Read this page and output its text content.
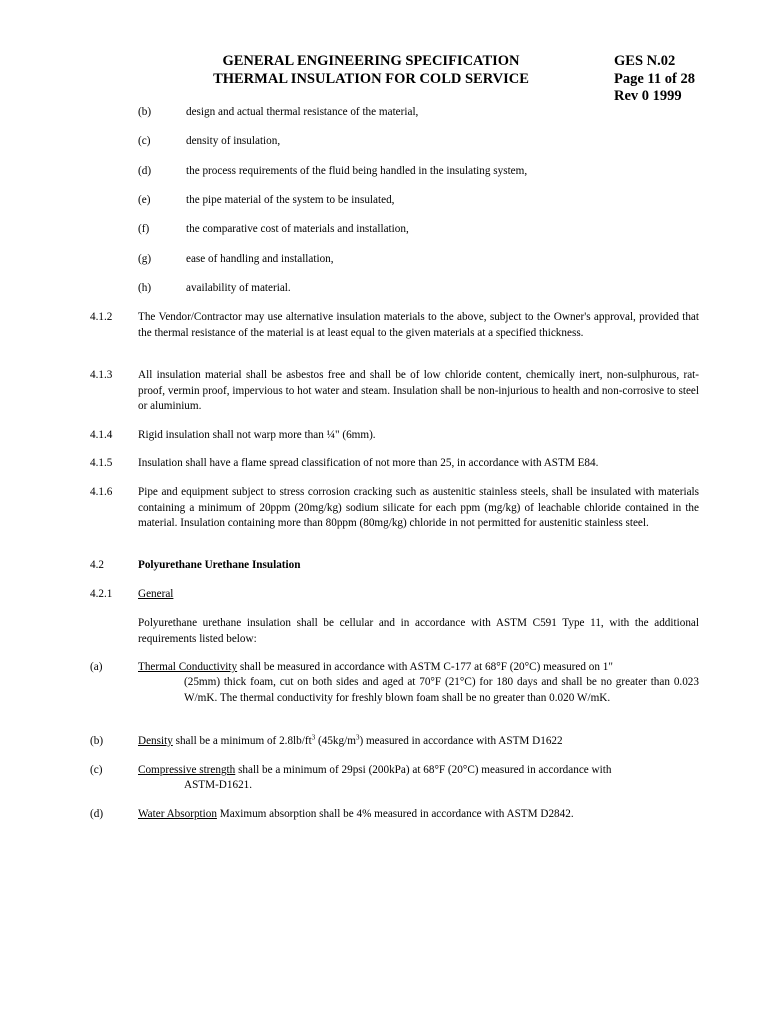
GENERAL ENGINEERING SPECIFICATION
THERMAL INSULATION FOR COLD SERVICE
GES N.02
Page 11 of 28
Rev 0 1999
(b)	design and actual thermal resistance of the material,
(c)	density of insulation,
(d)	the process requirements of the fluid being handled in the insulating system,
(e)	the pipe material of the system to be insulated,
(f)	the comparative cost of materials and installation,
(g)	ease of handling and installation,
(h)	availability of material.
4.1.2 The Vendor/Contractor may use alternative insulation materials to the above, subject to the Owner's approval, provided that the thermal resistance of the material is at least equal to the given materials at a specified thickness.
4.1.3 All insulation material shall be asbestos free and shall be of low chloride content, chemically inert, non-sulphurous, rat-proof, vermin proof, impervious to hot water and steam. Insulation shall be non-injurious to health and non-corrosive to steel or aluminium.
4.1.4 Rigid insulation shall not warp more than ¼" (6mm).
4.1.5 Insulation shall have a flame spread classification of not more than 25, in accordance with ASTM E84.
4.1.6 Pipe and equipment subject to stress corrosion cracking such as austenitic stainless steels, shall be insulated with materials containing a minimum of 20ppm (20mg/kg) sodium silicate for each ppm (mg/kg) of leachable chloride contained in the material. Insulation containing more than 80ppm (80mg/kg) chloride in not permitted for austenitic stainless steel.
4.2	Polyurethane Urethane Insulation
4.2.1 General
Polyurethane urethane insulation shall be cellular and in accordance with ASTM C591 Type 11, with the additional requirements listed below:
(a)	Thermal Conductivity shall be measured in accordance with ASTM C-177 at 68°F (20°C) measured on 1"
(25mm) thick foam, cut on both sides and aged at 70°F (21°C) for 180 days and shall be no greater than 0.023 W/mK. The thermal conductivity for freshly blown foam shall be no greater than 0.020 W/mK.
(b)	Density shall be a minimum of $2.8lb/ft^3$ $(45kg/m^3)$ measured in accordance with ASTM D1622
(c)	Compressive strength shall be a minimum of 29psi (200kPa) at 68°F (20°C) measured in accordance with
ASTM-D1621.
(d)	Water Absorption Maximum absorption shall be 4% measured in accordance with ASTM D2842.
